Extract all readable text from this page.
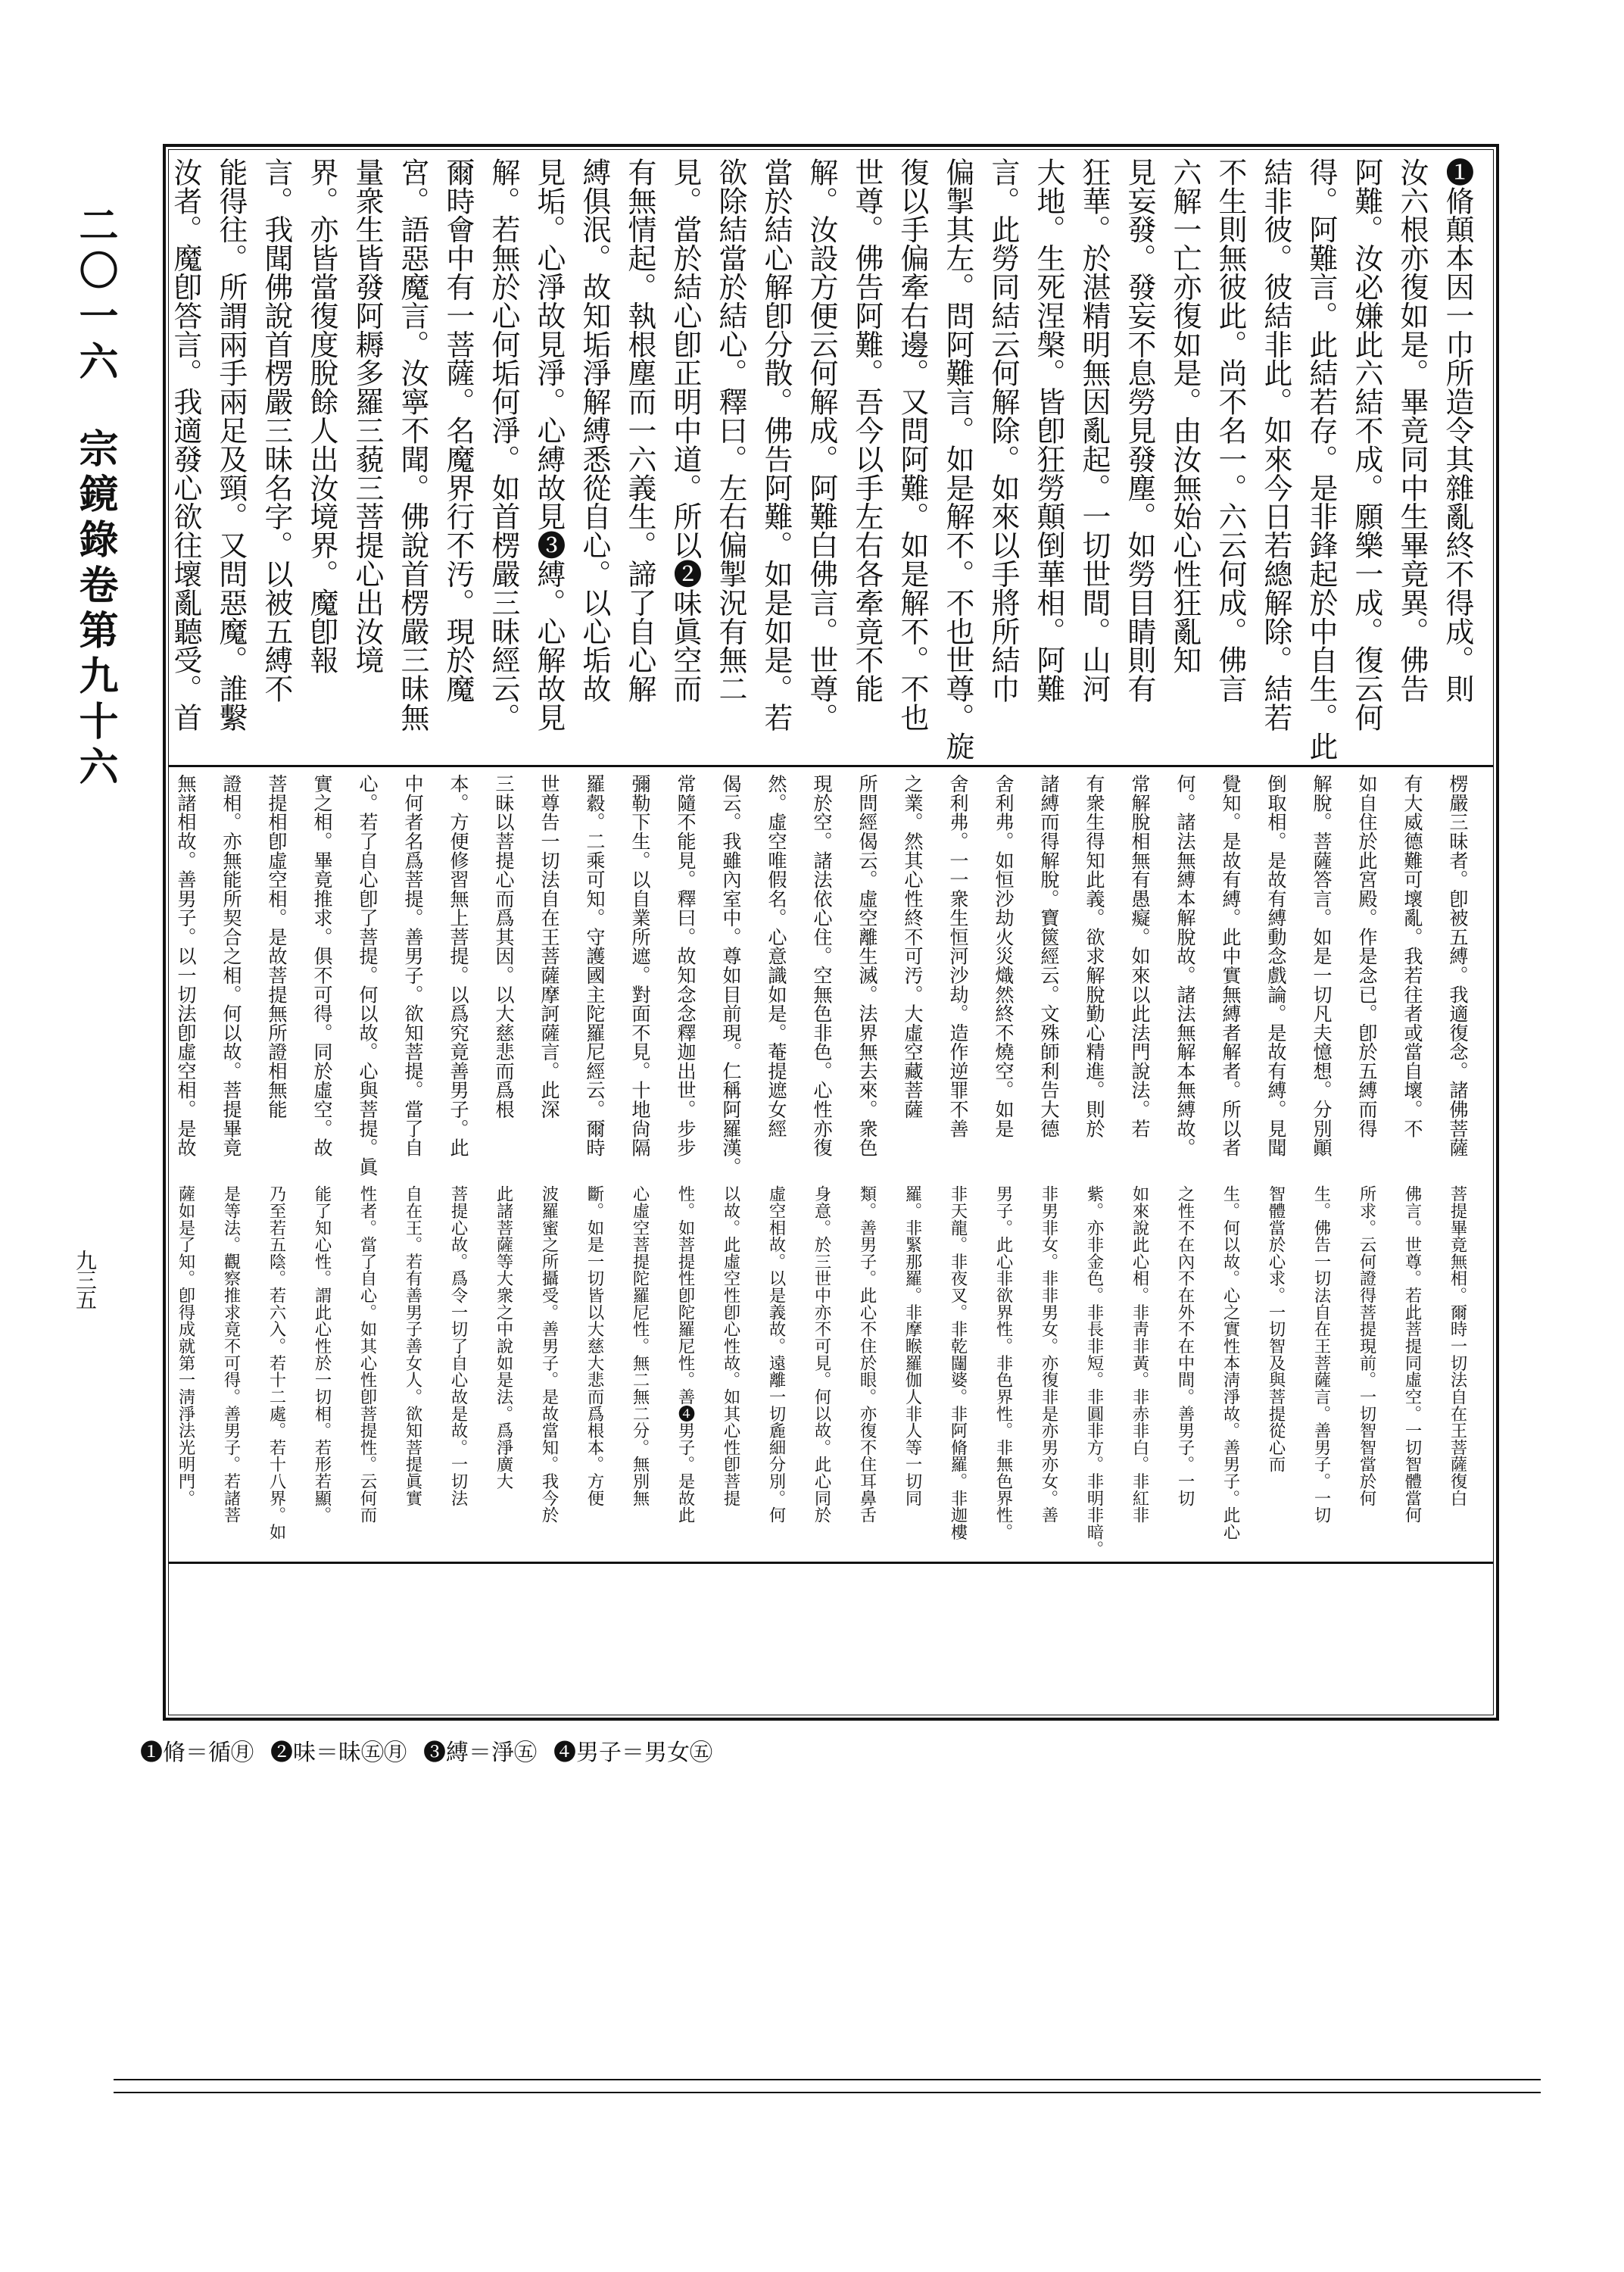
二〇一六宗鏡錄卷第九十六
九三五
❶脩顛本因一巾所造令其雜亂終不得成。則
汝六根亦復如是。畢竟同中生畢竟異。佛告
阿難。汝必嫌此六結不成。願樂一成。復云何
得。阿難言。此結若存。是非鋒起於中自生。此
結非彼。彼結非此。如來今日若總解除。結若
不生則無彼此。尚不名一。六云何成。佛言
六解一亡亦復如是。由汝無始心性狂亂知
見妄發。發妄不息勞見發塵。如勞目睛則有
狂華。於湛精明無因亂起。一切世間。山河
大地。生死涅槃。皆卽狂勞顛倒華相。阿難
言。此勞同結云何解除。如來以手將所結巾
偏掣其左。問阿難言。如是解不。不也世尊。旋
復以手偏牽右邊。又問阿難。如是解不。不也
世尊。佛告阿難。吾今以手左右各牽竟不能
解。汝設方便云何解成。阿難白佛言。世尊。
當於結心解卽分散。佛告阿難。如是如是。若
欲除結當於結心。釋曰。左右偏掣況有無二
見。當於結心卽正明中道。所以❷味眞空而
有無情起。執根塵而一六義生。諦了自心解
縛俱泯。故知垢淨解縛悉從自心。以心垢故
見垢。心淨故見淨。心縛故見❸縛。心解故見
解。若無於心何垢何淨。如首楞嚴三昧經云。
爾時會中有一菩薩。名魔界行不汚。現於魔
宮。語惡魔言。汝寧不聞。佛說首楞嚴三昧無
量衆生皆發阿耨多羅三藐三菩提心出汝境
界。亦皆當復度脫餘人出汝境界。魔卽報
言。我聞佛說首楞嚴三昧名字。以被五縛不
能得往。所謂兩手兩足及頸。又問惡魔。誰繫
汝者。魔卽答言。我適發心欲往壞亂聽受。首
楞嚴三昧者。卽被五縛。我適復念。諸佛菩薩
有大威德難可壞亂。我若往者或當自壞。不
如自住於此宮殿。作是念已。卽於五縛而得
解脫。菩薩答言。如是一切凡夫憶想。分別顚
倒取相。是故有縛動念戲論。是故有縛。見聞
覺知。是故有縛。此中實無縛者解者。所以者
何。諸法無縛本解脫故。諸法無解本無縛故。
常解脫相無有愚癡。如來以此法門說法。若
有衆生得知此義。欲求解脫勤心精進。則於
諸縛而得解脫。寶篋經云。文殊師利告大德
舍利弗。如恒沙劫火災熾然終不燒空。如是
舍利弗。一一衆生恒河沙劫。造作逆罪不善
之業。然其心性終不可汚。大虛空藏菩薩
所問經偈云。虛空離生滅。法界無去來。衆色
現於空。諸法依心住。空無色非色。心性亦復
然。虛空唯假名。心意識如是。菴提遮女經
偈云。我雖內室中。尊如目前現。仁稱阿羅漢。
常隨不能見。釋曰。故知念念釋迦出世。步步
彌勒下生。以自業所遮。對面不見。十地尙隔
羅縠。二乘可知。守護國主陀羅尼經云。爾時
世尊告一切法自在王菩薩摩訶薩言。此深
三昧以菩提心而爲其因。以大慈悲而爲根
本。方便修習無上菩提。以爲究竟善男子。此
中何者名爲菩提。善男子。欲知菩提。當了自
心。若了自心卽了菩提。何以故。心與菩提。眞
實之相。畢竟推求。俱不可得。同於虛空。故
菩提相卽虛空相。是故菩提無所證相無能
證相。亦無能所契合之相。何以故。菩提畢竟
無諸相故。善男子。以一切法卽虛空相。是故
❶脩＝循㊊ ❷味＝昧㊄㊊ ❸縛＝淨㊄ ❹男子＝男女㊄
菩提畢竟無相。爾時一切法自在王菩薩復白
佛言。世尊。若此菩提同虛空。一切智體當何
所求。云何證得菩提現前。一切智智當於何
生。佛告一切法自在王菩薩言。善男子。一切
智體當於心求。一切智及與菩提從心而
生。何以故。心之實性本淸淨故。善男子。此心
之性不在內不在外不在中間。善男子。一切
如來說此心相。非靑非黃。非赤非白。非紅非
紫。亦非金色。非長非短。非圓非方。非明非暗。
非男非女。非非男女。亦復非是亦男亦女。善
男子。此心非欲界性。非色界性。非無色界性。
非天龍。非夜叉。非乾闥婆。非阿脩羅。非迦樓
羅。非緊那羅。非摩睺羅伽人非人等一切同
類。善男子。此心不住於眼。亦復不住耳鼻舌
身意。於三世中亦不可見。何以故。此心同於
虛空相故。以是義故。遠離一切麁細分別。何
以故。此虛空性卽心性故。如其心性卽菩提
性。如菩提性卽陀羅尼性。善❹男子。是故此
心虛空菩提陀羅尼性。無二無二分。無別無
斷。如是一切皆以大慈大悲而爲根本。方便
波羅蜜之所攝受。善男子。是故當知。我今於
此諸菩薩等大衆之中說如是法。爲淨廣大
菩提心故。爲令一切了自心故是故。一切法
自在王。若有善男子善女人。欲知菩提眞實
性者。當了自心。如其心性卽菩提性。云何而
能了知心性。謂此心性於一切相。若形若顯。
乃至若五陰。若六入。若十二處。若十八界。如
是等法。觀察推求竟不可得。善男子。若諸菩
薩如是了知。卽得成就第一淸淨法光明門。
